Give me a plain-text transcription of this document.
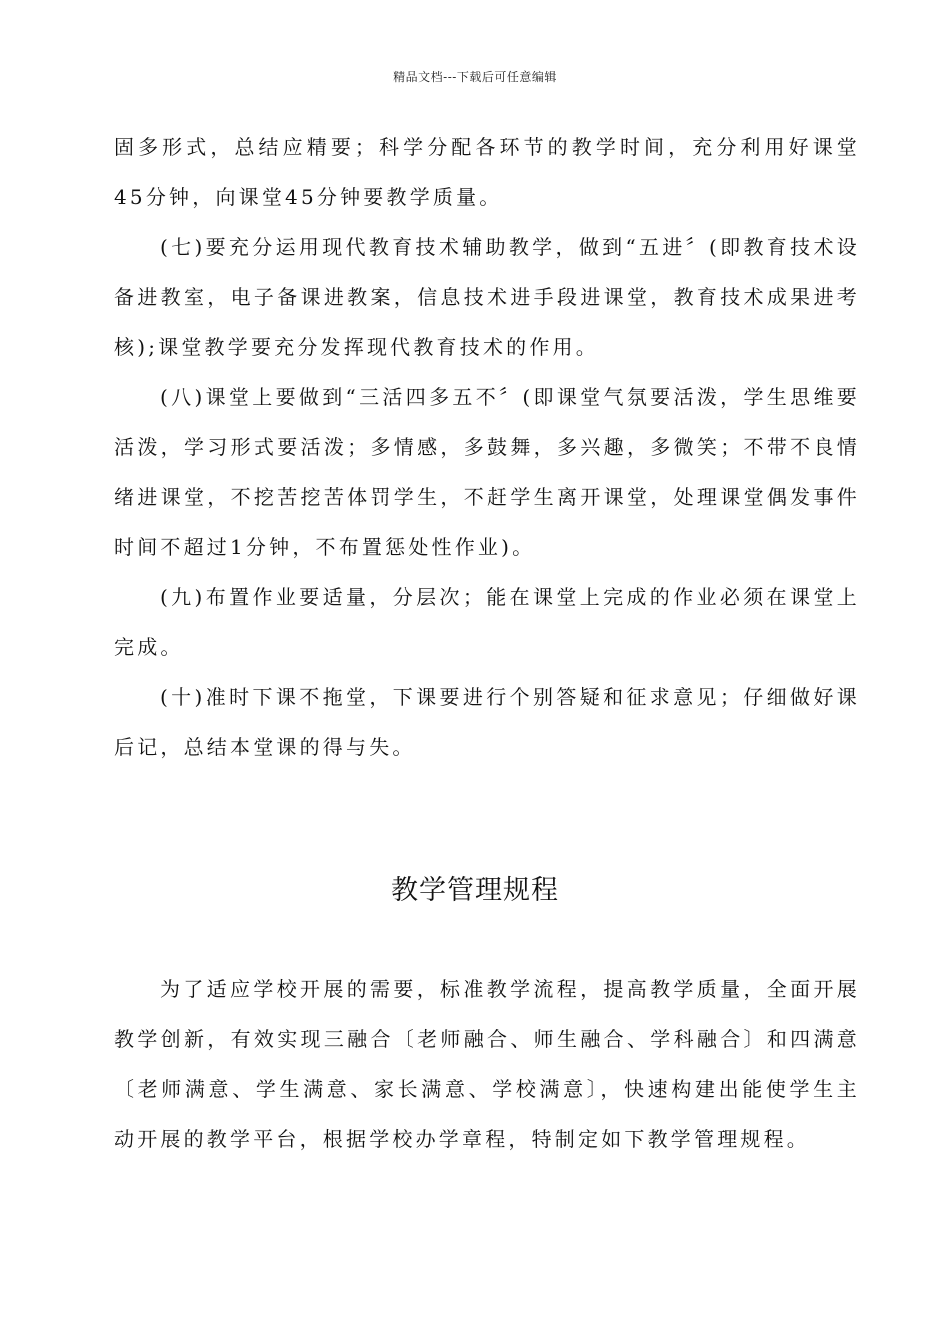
精品文档---下载后可任意编辑

固多形式，总结应精要；科学分配各环节的教学时间，充分利用好课堂45分钟，向课堂45分钟要教学质量。

(七)要充分运用现代教育技术辅助教学，做到“五进〞(即教育技术设备进教室，电子备课进教案，信息技术进手段进课堂，教育技术成果进考核);课堂教学要充分发挥现代教育技术的作用。

(八)课堂上要做到“三活四多五不〞(即课堂气氛要活泼，学生思维要活泼，学习形式要活泼；多情感，多鼓舞，多兴趣，多微笑；不带不良情绪进课堂，不挖苦挖苦体罚学生，不赶学生离开课堂，处理课堂偶发事件时间不超过1分钟，不布置惩处性作业)。

(九)布置作业要适量，分层次；能在课堂上完成的作业必须在课堂上完成。

(十)准时下课不拖堂，下课要进行个别答疑和征求意见；仔细做好课后记，总结本堂课的得与失。

教学管理规程

为了适应学校开展的需要，标准教学流程，提高教学质量，全面开展教学创新，有效实现三融合〔老师融合、师生融合、学科融合〕和四满意〔老师满意、学生满意、家长满意、学校满意〕，快速构建出能使学生主动开展的教学平台，根据学校办学章程，特制定如下教学管理规程。
